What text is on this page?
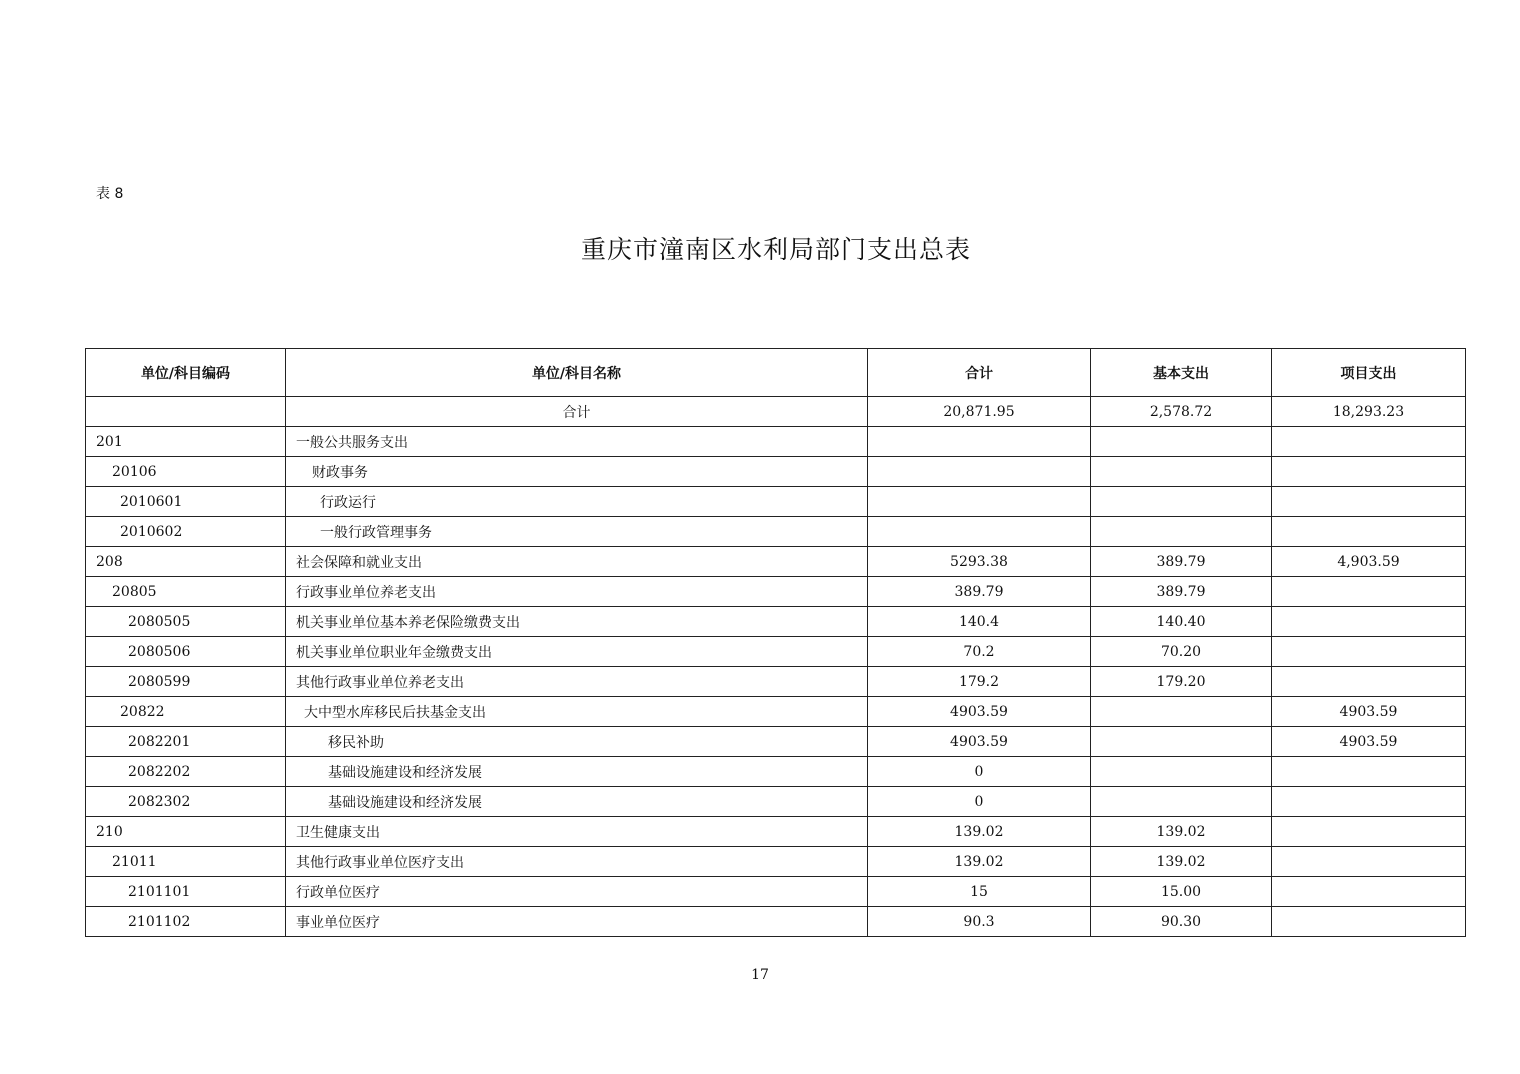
表 8
重庆市潼南区水利局部门支出总表
单位/科目编码	单位/科目名称	合计	基本支出	项目支出
	合计	20,871.95	2,578.72	18,293.23
201	一般公共服务支出			
20106	财政事务			
2010601	行政运行			
2010602	一般行政管理事务			
208	社会保障和就业支出	5293.38	389.79	4,903.59
20805	行政事业单位养老支出	389.79	389.79	
2080505	机关事业单位基本养老保险缴费支出	140.4	140.40	
2080506	机关事业单位职业年金缴费支出	70.2	70.20	
2080599	其他行政事业单位养老支出	179.2	179.20	
20822	大中型水库移民后扶基金支出	4903.59		4903.59
2082201	移民补助	4903.59		4903.59
2082202	基础设施建设和经济发展	0		
2082302	基础设施建设和经济发展	0		
210	卫生健康支出	139.02	139.02	
21011	其他行政事业单位医疗支出	139.02	139.02	
2101101	行政单位医疗	15	15.00	
2101102	事业单位医疗	90.3	90.30	
17
